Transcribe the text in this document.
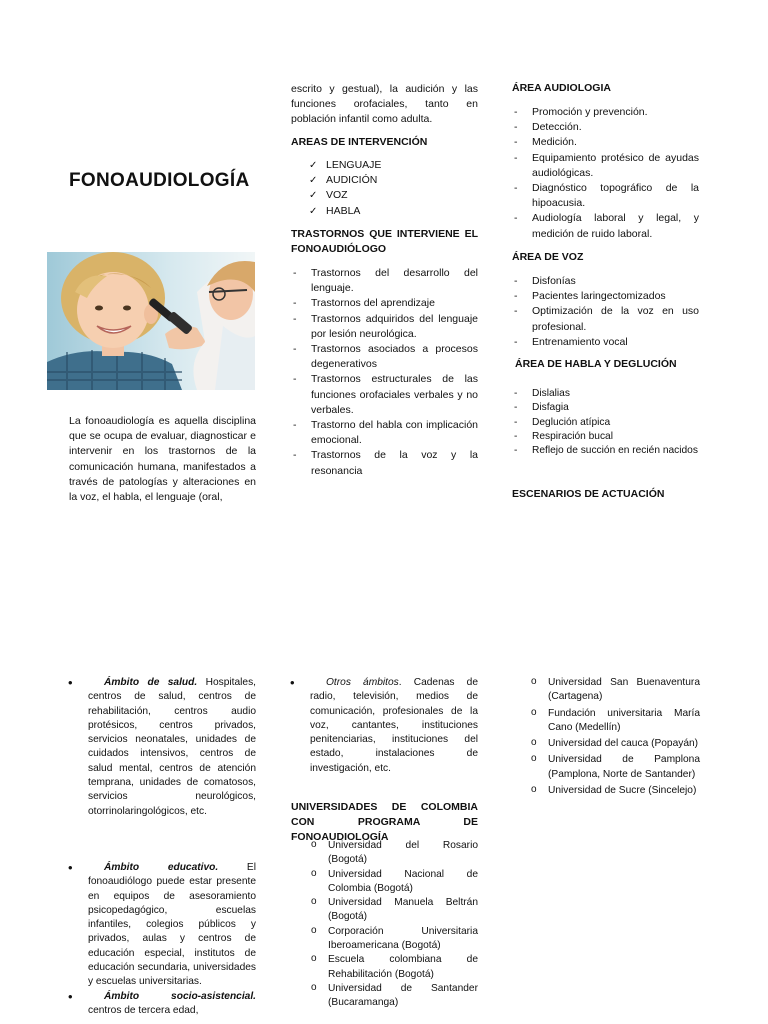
FONOAUDIOLOGÍA
La fonoaudiología es aquella disciplina que se ocupa de evaluar, diagnosticar e intervenir en los trastornos de la comunicación humana, manifestados a través de patologías y alteraciones en la voz, el habla, el lenguaje (oral,
escrito y gestual), la audición y las funciones orofaciales, tanto en población infantil como adulta.
AREAS DE INTERVENCIÓN
✓ LENGUAJE
✓ AUDICIÓN
✓ VOZ
✓ HABLA
TRASTORNOS QUE INTERVIENE EL FONOAUDIÓLOGO
- Trastornos del desarrollo del lenguaje.
- Trastornos del aprendizaje
- Trastornos adquiridos del lenguaje por lesión neurológica.
- Trastornos asociados a procesos degenerativos
- Trastornos estructurales de las funciones orofaciales verbales y no verbales.
- Trastorno del habla con implicación emocional.
- Trastornos de la voz y la resonancia
ÁREA AUDIOLOGIA
- Promoción y prevención.
- Detección.
- Medición.
- Equipamiento protésico de ayudas audiológicas.
- Diagnóstico topográfico de la hipoacusia.
- Audiología laboral y legal, y medición de ruido laboral.
ÁREA DE VOZ
- Disfonías
- Pacientes laringectomizados
- Optimización de la voz en uso profesional.
- Entrenamiento vocal
ÁREA DE HABLA Y DEGLUCIÓN
- Dislalias
- Disfagia
- Deglución atípica
- Respiración bucal
- Reflejo de succión en recién nacidos
ESCENARIOS DE ACTUACIÓN
• Ámbito de salud. Hospitales, centros de salud, centros de rehabilitación, centros audio protésicos, centros privados, servicios neonatales, unidades de cuidados intensivos, centros de salud mental, centros de atención temprana, unidades de comatosos, servicios neurológicos, otorrinolaringológicos, etc.
• Ámbito educativo. El fonoaudiólogo puede estar presente en equipos de asesoramiento psicopedagógico, escuelas infantiles, colegios públicos y privados, aulas y centros de educación especial, institutos de educación secundaria, universidades y escuelas universitarias.
• Ámbito socio-asistencial. centros de tercera edad,
• Otros ámbitos. Cadenas de radio, televisión, medios de comunicación, profesionales de la voz, cantantes, instituciones penitenciarias, instituciones del estado, instalaciones de investigación, etc.
UNIVERSIDADES DE COLOMBIA CON PROGRAMA DE FONOAUDIOLOGÍA
o Universidad del Rosario (Bogotá)
o Universidad Nacional de Colombia (Bogotá)
o Universidad Manuela Beltrán (Bogotá)
o Corporación Universitaria Iberoamericana (Bogotá)
o Escuela colombiana de Rehabilitación (Bogotá)
o Universidad de Santander (Bucaramanga)
o Universidad San Buenaventura (Cartagena)
o Fundación universitaria María Cano (Medellín)
o Universidad del cauca (Popayán)
o Universidad de Pamplona (Pamplona, Norte de Santander)
o Universidad de Sucre (Sincelejo)
